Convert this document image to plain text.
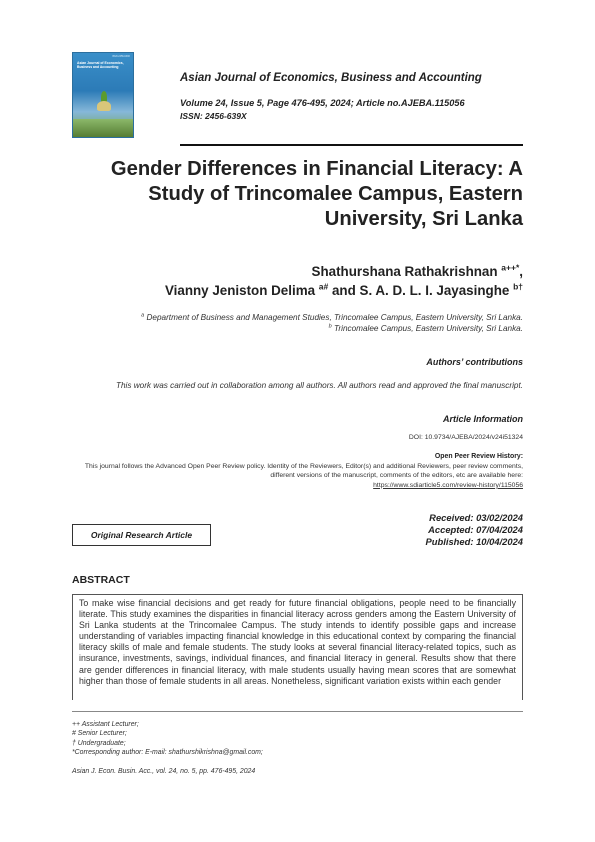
ISSN 2456-639X
Asian Journal of Economics, Business and Accounting
Asian Journal of Economics, Business and Accounting
Volume 24, Issue 5, Page 476-495, 2024; Article no.AJEBA.115056
ISSN: 2456-639X
Gender Differences in Financial Literacy: A Study of Trincomalee Campus, Eastern University, Sri Lanka
Shathurshana Rathakrishnan $^{a++*}$,
Vianny Jeniston Delima $^{a\#}$ and S. A. D. L. I. Jayasinghe $^{b\dagger}$
$^a$ Department of Business and Management Studies, Trincomalee Campus, Eastern University, Sri Lanka.
$^b$ Trincomalee Campus, Eastern University, Sri Lanka.
Authors’ contributions
This work was carried out in collaboration among all authors. All authors read and approved the final manuscript.
Article Information
DOI: 10.9734/AJEBA/2024/v24i51324
Open Peer Review History:
This journal follows the Advanced Open Peer Review policy. Identity of the Reviewers, Editor(s) and additional Reviewers, peer review comments, different versions of the manuscript, comments of the editors, etc are available here:
https://www.sdiarticle5.com/review-history/115056
Original Research Article
Received: 03/02/2024
Accepted: 07/04/2024
Published: 10/04/2024
ABSTRACT
To make wise financial decisions and get ready for future financial obligations, people need to be financially literate. This study examines the disparities in financial literacy across genders among the Eastern University of Sri Lanka students at the Trincomalee Campus. The study intends to identify possible gaps and increase understanding of variables impacting financial knowledge in this educational context by comparing the financial literacy skills of male and female students. The study looks at several financial literacy-related topics, such as insurance, investments, savings, individual finances, and financial literacy in general. Results show that there are gender differences in financial literacy, with male students usually having mean scores that are somewhat higher than those of female students in all areas. Nonetheless, significant variation exists within each gender
++ Assistant Lecturer;
# Senior Lecturer;
† Undergraduate;
*Corresponding author: E-mail: shathurshikrishna@gmail.com;
Asian J. Econ. Busin. Acc., vol. 24, no. 5, pp. 476-495, 2024
